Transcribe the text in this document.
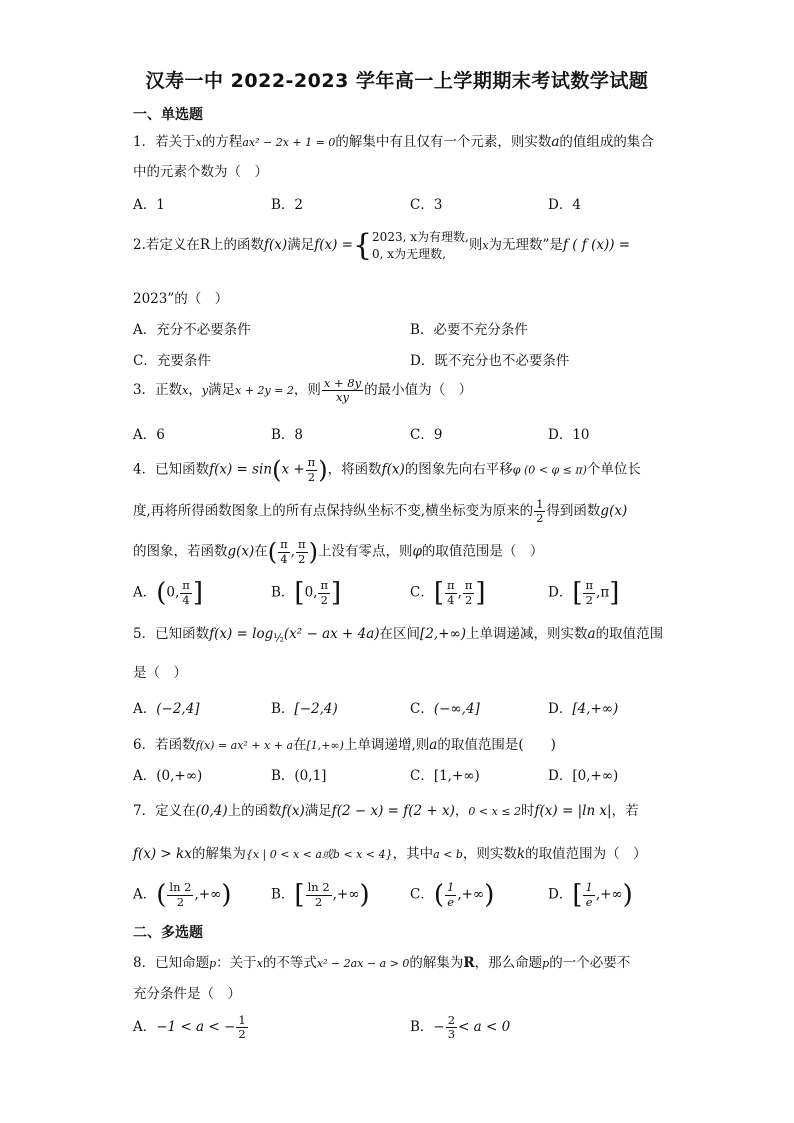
汉寿一中 2022-2023 学年高一上学期期末考试数学试题
一、单选题
1．若关于x的方程ax² − 2x + 1 = 0的解集中有且仅有一个元素，则实数a的值组成的集合
中的元素个数为（　）
A．1	B．2	C．3	D．4
2.若定义在R上的函数f(x)满足f(x) ={ 2023, x为有理数,
0, x为无理数,
则x为无理数”是f ( f (x)) =
2023”的（　）
A．充分不必要条件	B．必要不充分条件
C．充要条件	D．既不充分也不必要条件
3．正数x，y满足x + 2y = 2，则 $\frac{x + 8y}{xy}$ 的最小值为（　）
A．6	B．8	C．9	D．10
4．已知函数$f(x) = \sin(x + \frac{\pi}{2}$ )，将函数f(x)的图象先向右平移φ (0 < φ ≤ π)个单位长
度,再将所得函数图象上的所有点保持纵坐标不变,横坐标变为原来的 $\frac{1}{2}$ 得到函数g(x)
的图象，若函数g(x)在( $\frac{\pi}{4}$ , $\frac{\pi}{2}$ )上没有零点，则φ的取值范围是（　）
A．(0, $\frac{\pi}{4}$ ]	B．[0, $\frac{\pi}{2}$ ]	C．[ $\frac{\pi}{4}$ , $\frac{\pi}{2}$ ]	D．[ $\frac{\pi}{2} ,\pi$]
5．已知函数$f(x) = \log_{\frac{1}{2}}(x^2$ − ax + 4a)在区间[2,+∞)上单调递减，则实数a的取值范围
是（　）
A．(−2,4]	B．[−2,4)	C．(−∞,4]	D．[4,+∞)
6．若函数f(x) = ax² + x + a在[1,+∞)上单调递增,则a的取值范围是(　　)
A．(0,+∞)	B．(0,1]	C．[1,+∞)	D．[0,+∞)
7．定义在(0,4)上的函数f(x)满足f(2 − x) = f(2 + x)，0 < x ≤ 2时f(x) = |ln x|，若
f(x) > kx的解集为{x | 0 < x < a或b < x < 4}，其中a < b，则实数k的取值范围为（　）
A．( $\frac{\ln 2}{2}$ ,+∞)	B．[ $\frac{\ln 2}{2}$ ,+∞)	C．( $\frac{1}{e}$ ,+∞)	D．[ $\frac{1}{e}$ ,+∞)
二、多选题
8．已知命题p：关于x的不等式x² − 2ax − a > 0的解集为R，那么命题p的一个必要不
充分条件是（　）
A．−1 < a < − $\frac{1}{2}$	B．− $\frac{2}{3} < a < 0$
